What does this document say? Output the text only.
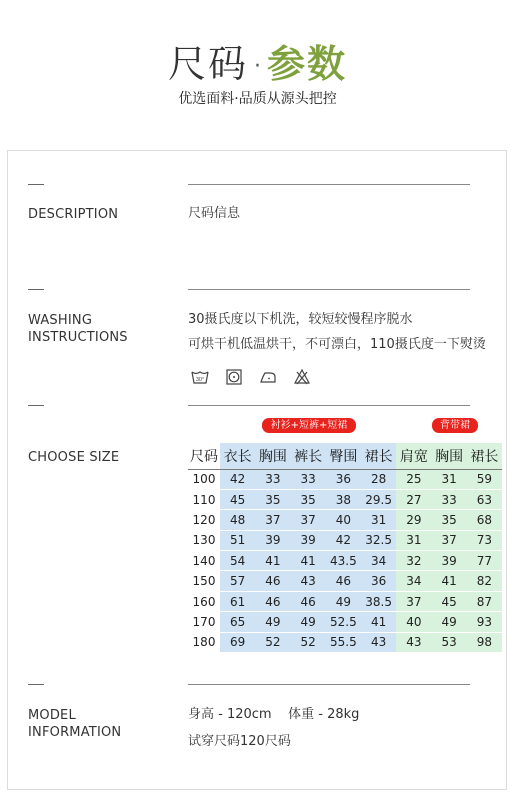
尺码 · 参数
优选面料·品质从源头把控
DESCRIPTION	尺码信息
WASHING
INSTRUCTIONS
30摄氏度以下机洗，较短较慢程序脱水
可烘干机低温烘干，不可漂白，110摄氏度一下熨烫
30°
CHOOSE SIZE
衬衫+短裤+短裙	背带裙
尺码	衣长	胸围	裤长	臀围	裙长	肩宽	胸围	裙长
100	42	33	33	36	28	25	31	59
110	45	35	35	38	29.5	27	33	63
120	48	37	37	40	31	29	35	68
130	51	39	39	42	32.5	31	37	73
140	54	41	41	43.5	34	32	39	77
150	57	46	43	46	36	34	41	82
160	61	46	46	49	38.5	37	45	87
170	65	49	49	52.5	41	40	49	93
180	69	52	52	55.5	43	43	53	98
MODEL
INFORMATION
身高 - 120cm    体重 - 28kg
试穿尺码120尺码
